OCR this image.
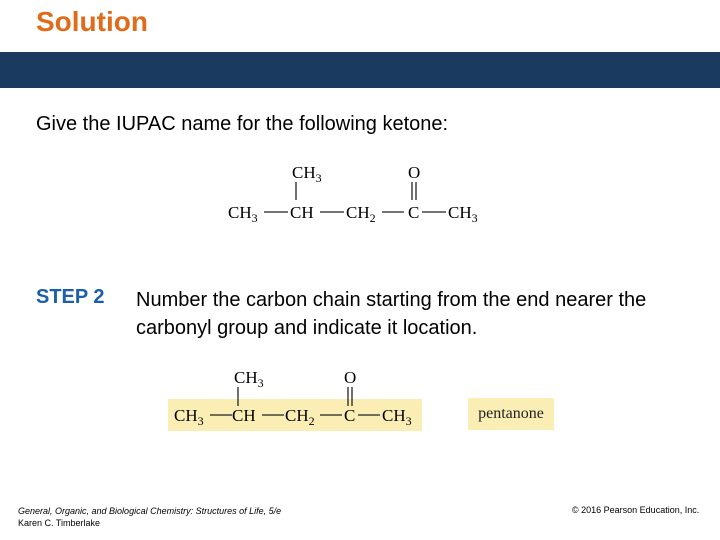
Solution
Give the IUPAC name for the following ketone:
$CH_3$	O
$CH_3$ CH $CH_2$ C $CH_3$
STEP 2 Number the carbon chain starting from the end nearer the carbonyl group and indicate it location.
$CH_3$	O
$CH_3$ CH $CH_2$ C $CH_3$	pentanone
General, Organic, and Biological Chemistry: Structures of Life, 5/e
Karen C. Timberlake
© 2016 Pearson Education, Inc.
